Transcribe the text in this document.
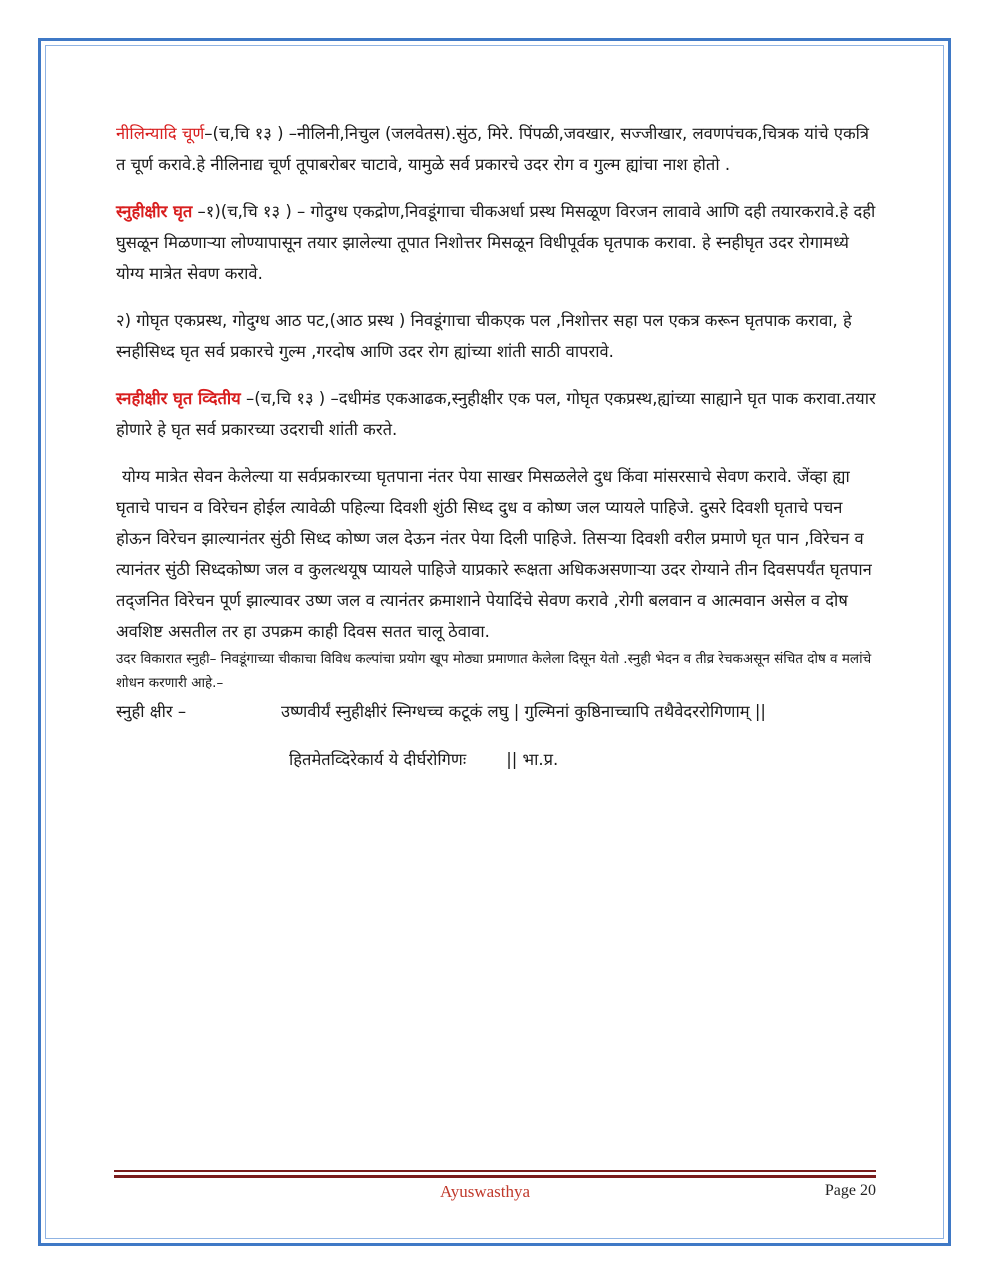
नीलिन्यादि चूर्ण–(च,चि १३ ) –नीलिनी,निचुल (जलवेतस).सुंठ, मिरे. पिंपळी,जवखार, सज्जीखार, लवणपंचक,चित्रक यांचे एकत्रि त चूर्ण करावे.हे नीलिनाद्य चूर्ण तूपाबरोबर चाटावे, यामुळे सर्व प्रकारचे उदर रोग व गुल्म ह्यांचा नाश होतो .

स्नुहीक्षीर घृत –१)(च,चि १३ ) – गोदुग्ध एकद्रोण,निवडूंगाचा चीकअर्धा प्रस्थ मिसळूण विरजन लावावे आणि दही तयारकरावे.हे दही घुसळून मिळणाऱ्या लोण्यापासून तयार झालेल्या तूपात निशोत्तर मिसळून विधीपूर्वक घृतपाक करावा. हे स्नहीघृत उदर रोगामध्ये योग्य मात्रेत सेवण करावे.

२) गोघृत एकप्रस्थ, गोदुग्ध आठ पट,(आठ प्रस्थ ) निवडूंगाचा चीकएक पल ,निशोत्तर सहा पल एकत्र करून घृतपाक करावा, हे स्नहीसिध्द घृत सर्व प्रकारचे गुल्म ,गरदोष आणि उदर रोग ह्यांच्या शांती साठी वापरावे.

स्नहीक्षीर घृत व्दितीय –(च,चि १३ ) –दधीमंड एकआढक,स्नुहीक्षीर एक पल, गोघृत एकप्रस्थ,ह्यांच्या साह्याने घृत पाक करावा.तयार होणारे हे घृत सर्व प्रकारच्या उदराची शांती करते.

योग्य मात्रेत सेवन केलेल्या या सर्वप्रकारच्या घृतपाना नंतर पेया साखर मिसळलेले दुध किंवा मांसरसाचे सेवण करावे. जेंव्हा ह्या घृताचे पाचन व विरेचन होईल त्यावेळी पहिल्या दिवशी शुंठी सिध्द दुध व कोष्ण जल प्यायले पाहिजे. दुसरे दिवशी घृताचे पचन होऊन विरेचन झाल्यानंतर सुंठी सिध्द कोष्ण जल देऊन नंतर पेया दिली पाहिजे. तिसऱ्या दिवशी वरील प्रमाणे घृत पान ,विरेचन व त्यानंतर सुंठी सिध्दकोष्ण जल व कुलत्थयूष प्यायले पाहिजे याप्रकारे रूक्षता अधिकअसणाऱ्या उदर रोग्याने तीन दिवसपर्यंत घृतपान तद्जनित विरेचन पूर्ण झाल्यावर उष्ण जल व त्यानंतर क्रमाशाने पेयादिंचे सेवण करावे ,रोगी बलवान व आत्मवान असेल व दोष अवशिष्ट असतील तर हा उपक्रम काही दिवस सतत चालू ठेवावा.

उदर विकारात स्नुही– निवडूंगाच्या चीकाचा विविध कल्पांचा प्रयोग खूप मोठ्या प्रमाणात केलेला दिसून येतो .स्नुही भेदन व तीव्र रेचकअसून संचित दोष व मलांचे शोधन करणारी आहे.–

स्नुही क्षीर –	उष्णवीर्यं स्नुहीक्षीरं स्निग्धच्च कटूकं लघु | गुल्मिनां कुष्ठिनाच्चापि तथैवेदररोगिणाम् ||
हितमेतव्दिरेकार्य ये दीर्घरोगिणः || भा.प्र.
Ayuswasthya	Page 20
